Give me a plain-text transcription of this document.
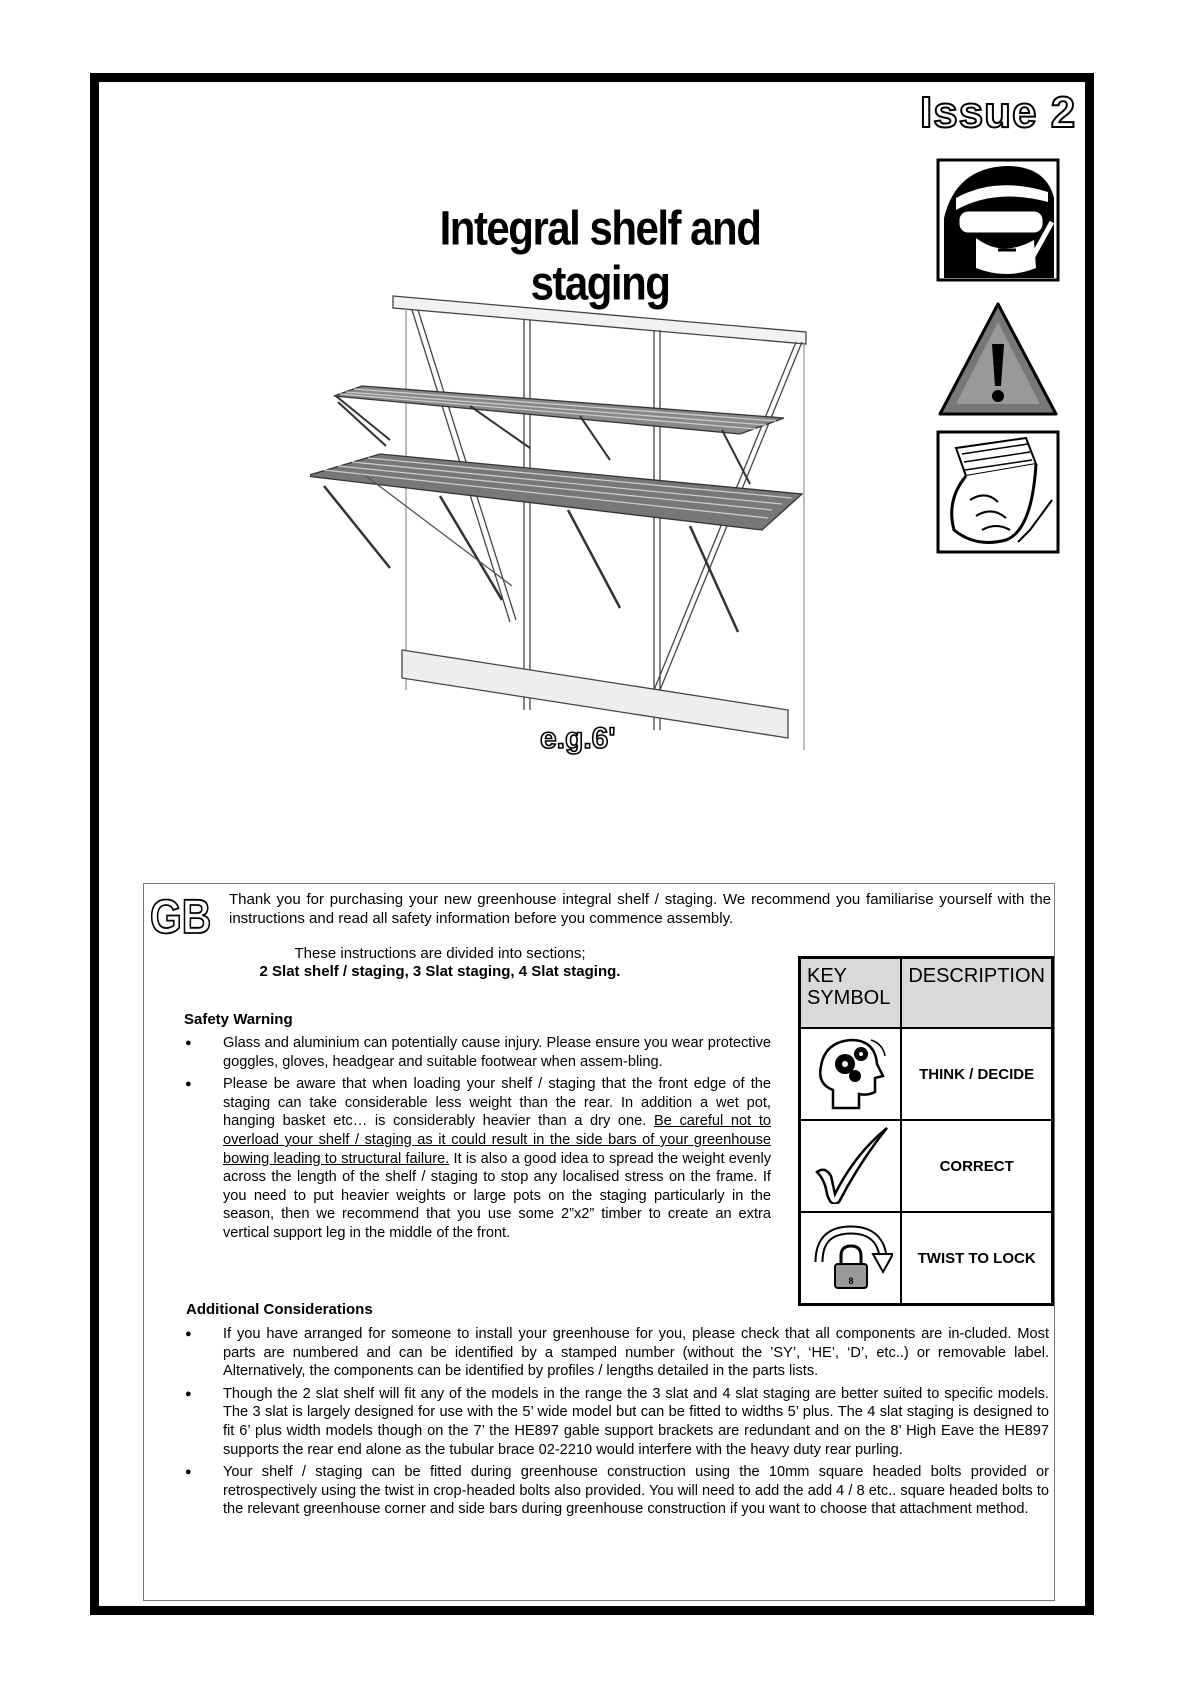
Issue 2
Integral shelf and staging
e.g.6'
GB Thank you for purchasing your new greenhouse integral shelf / staging. We recommend you familiarise yourself with the instructions and read all safety information before you commence assembly.
These instructions are divided into sections;
2 Slat shelf / staging, 3 Slat staging, 4 Slat staging.
Safety Warning
● Glass and aluminium can potentially cause injury. Please ensure you wear protective goggles, gloves, headgear and suitable footwear when assem-bling.
● Please be aware that when loading your shelf / staging that the front edge of the staging can take considerable less weight than the rear. In addition a wet pot, hanging basket etc… is considerably heavier than a dry one. Be careful not to overload your shelf / staging as it could result in the side bars of your greenhouse bowing leading to structural failure. It is also a good idea to spread the weight evenly across the length of the shelf / staging to stop any localised stress on the frame. If you need to put heavier weights or large pots on the staging particularly in the season, then we recommend that you use some 2”x2” timber to create an extra vertical support leg in the middle of the front.
Additional Considerations
● If you have arranged for someone to install your greenhouse for you, please check that all components are in-cluded. Most parts are numbered and can be identified by a stamped number (without the ’SY’, ‘HE’, ‘D’, etc..) or removable label. Alternatively, the components can be identified by profiles / lengths detailed in the parts lists.
● Though the 2 slat shelf will fit any of the models in the range the 3 slat and 4 slat staging are better suited to specific models. The 3 slat is largely designed for use with the 5’ wide model but can be fitted to widths 5’ plus. The 4 slat staging is designed to fit 6’ plus width models though on the 7’ the HE897 gable support brackets are redundant and on the 8’ High Eave the HE897 supports the rear end alone as the tubular brace 02-2210 would interfere with the heavy duty rear purling.
● Your shelf / staging can be fitted during greenhouse construction using the 10mm square headed bolts provided or retrospectively using the twist in crop-headed bolts also provided. You will need to add the add 4 / 8 etc.. square headed bolts to the relevant greenhouse corner and side bars during greenhouse construction if you want to choose that attachment method.
KEY SYMBOL	DESCRIPTION
	THINK / DECIDE
	CORRECT

8	TWIST TO LOCK
